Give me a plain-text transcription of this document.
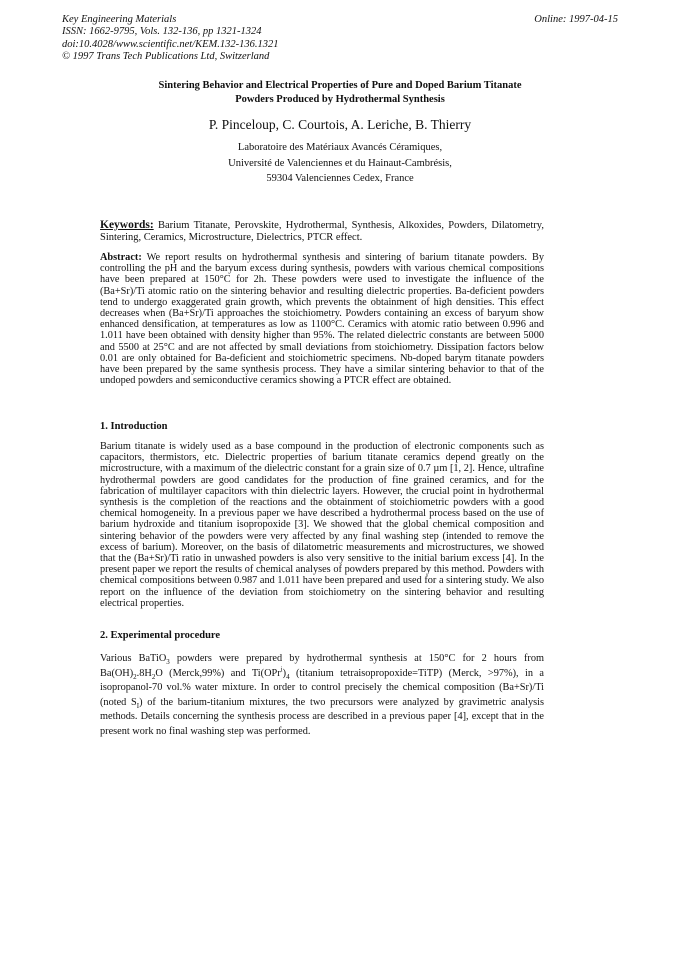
Key Engineering Materials
ISSN: 1662-9795, Vols. 132-136, pp 1321-1324
doi:10.4028/www.scientific.net/KEM.132-136.1321
© 1997 Trans Tech Publications Ltd, Switzerland
Online: 1997-04-15
Sintering Behavior and Electrical Properties of Pure and Doped Barium Titanate
Powders Produced by Hydrothermal Synthesis
P. Pinceloup, C. Courtois, A. Leriche, B. Thierry
Laboratoire des Matériaux Avancés Céramiques,
Université de Valenciennes et du Hainaut-Cambrésis,
59304 Valenciennes Cedex, France
Keywords: Barium Titanate, Perovskite, Hydrothermal, Synthesis, Alkoxides, Powders, Dilatometry, Sintering, Ceramics, Microstructure, Dielectrics, PTCR effect.
Abstract: We report results on hydrothermal synthesis and sintering of barium titanate powders. By controlling the pH and the baryum excess during synthesis, powders with various chemical compositions have been prepared at 150°C for 2h. These powders were used to investigate the influence of the (Ba+Sr)/Ti atomic ratio on the sintering behavior and resulting dielectric properties. Ba-deficient powders tend to undergo exaggerated grain growth, which prevents the obtainment of high densities. This effect decreases when (Ba+Sr)/Ti approaches the stoichiometry. Powders containing an excess of baryum show enhanced densification, at temperatures as low as 1100°C. Ceramics with atomic ratio between 0.996 and 1.011 have been obtained with density higher than 95%. The related dielectric constants are between 5000 and 5500 at 25°C and are not affected by small deviations from stoichiometry. Dissipation factors below 0.01 are only obtained for Ba-deficient and stoichiometric specimens. Nb-doped barym titanate powders have been prepared by the same synthesis process. They have a similar sintering behavior to that of the undoped powders and semiconductive ceramics showing a PTCR effect are obtained.
1. Introduction
Barium titanate is widely used as a base compound in the production of electronic components such as capacitors, thermistors, etc. Dielectric properties of barium titanate ceramics depend greatly on the microstructure, with a maximum of the dielectric constant for a grain size of 0.7 µm [1, 2]. Hence, ultrafine hydrothermal powders are good candidates for the production of fine grained ceramics, and for the fabrication of multilayer capacitors with thin dielectric layers. However, the crucial point in hydrothermal synthesis is the completion of the reactions and the obtainment of stoichiometric powders with a good chemical homogeneity. In a previous paper we have described a hydrothermal process based on the use of barium hydroxide and titanium isopropoxide [3]. We showed that the global chemical composition and sintering behavior of the powders were very affected by any final washing step (intended to remove the excess of barium). Moreover, on the basis of dilatometric measurements and microstructures, we showed that the (Ba+Sr)/Ti ratio in unwashed powders is also very sensitive to the initial barium excess [4]. In the present paper we report the results of chemical analyses of powders prepared by this method. Powders with chemical compositions between 0.987 and 1.011 have been prepared and used for a sintering study. We also report on the influence of the deviation from stoichiometry on the sintering behavior and resulting electrical properties.
2. Experimental procedure
Various BaTiO$_3$ powders were prepared by hydrothermal synthesis at 150°C for 2 hours from $Ba(OH)_2.8H_2O$ (Merck,99%) and $Ti(OPr^i)_4$ (titanium tetraisopropoxide=TiTP) (Merck, >97%), in a isopropanol-70 vol.% water mixture. In order to control precisely the chemical composition (Ba+Sr)/Ti (noted $S_I$) of the barium-titanium mixtures, the two precursors were analyzed by gravimetric analysis methods. Details concerning the synthesis process are described in a previous paper [4], except that in the present work no final washing step was performed.
